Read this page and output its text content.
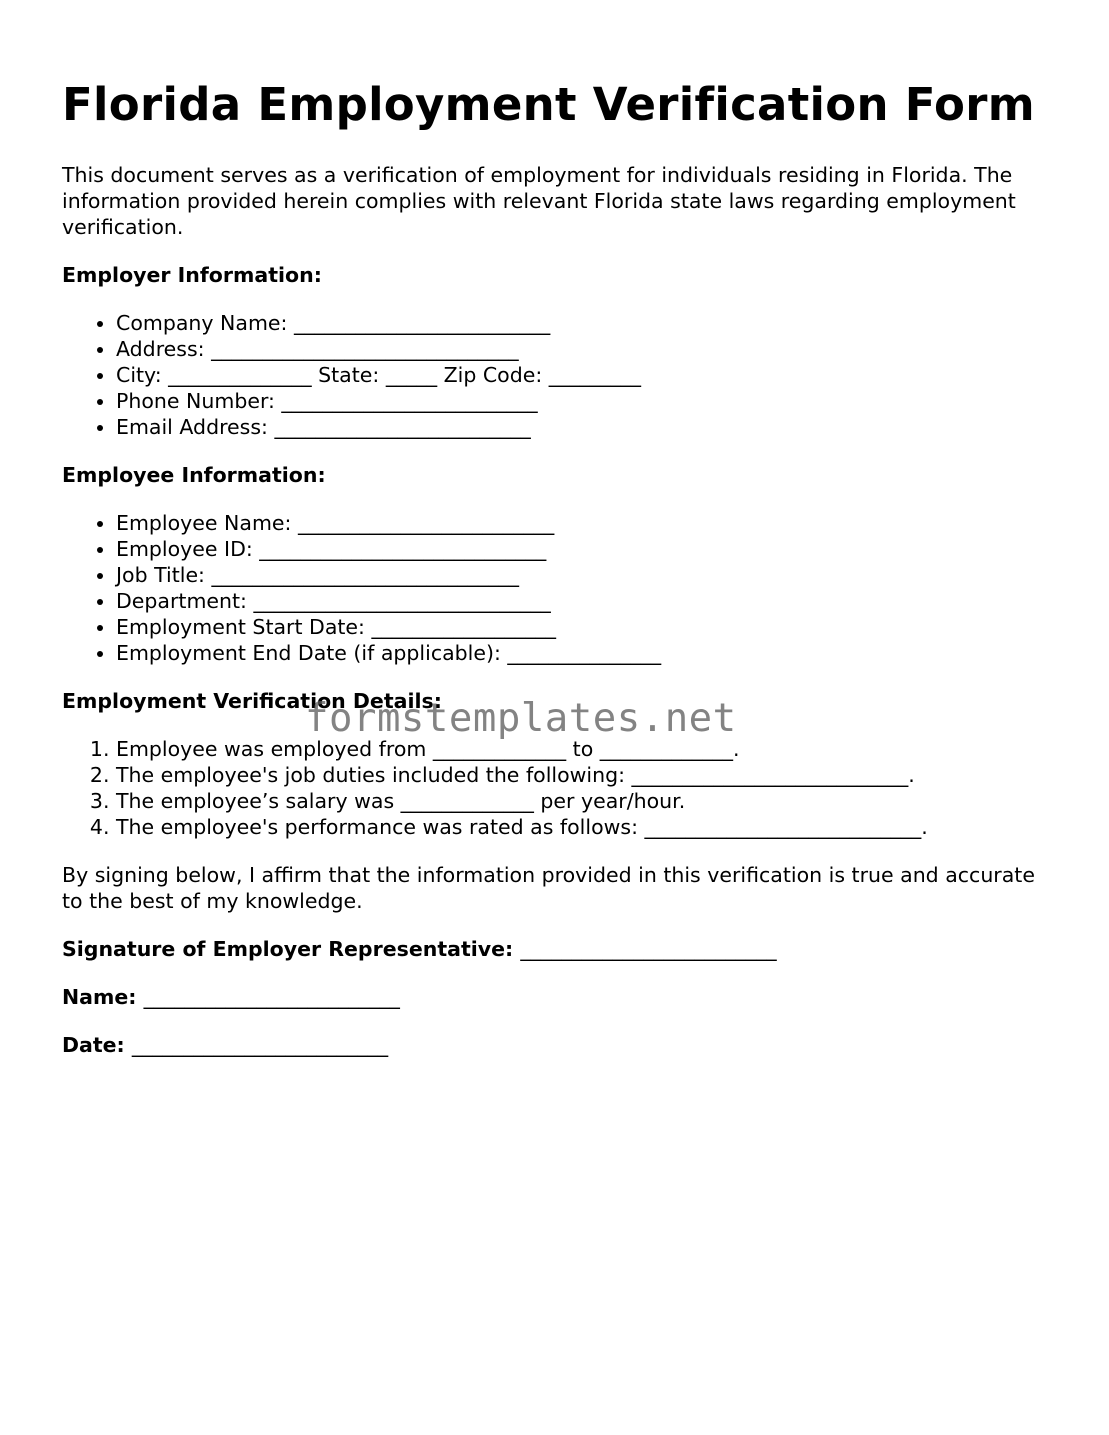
Florida Employment Verification Form

This document serves as a verification of employment for individuals residing in Florida. The information provided herein complies with relevant Florida state laws regarding employment verification.

Employer Information:

• Company Name: _________________________
• Address: ______________________________
• City: ______________ State: _____ Zip Code: _________
• Phone Number: _________________________
• Email Address: _________________________

Employee Information:

• Employee Name: _________________________
• Employee ID: ____________________________
• Job Title: ______________________________
• Department: _____________________________
• Employment Start Date: __________________
• Employment End Date (if applicable): _______________

Employment Verification Details:

1. Employee was employed from _____________ to _____________.
2. The employee's job duties included the following: ___________________________.
3. The employee’s salary was _____________ per year/hour.
4. The employee's performance was rated as follows: ___________________________.

By signing below, I affirm that the information provided in this verification is true and accurate to the best of my knowledge.

Signature of Employer Representative: _________________________

Name: _________________________

Date: _________________________

formstemplates.net
